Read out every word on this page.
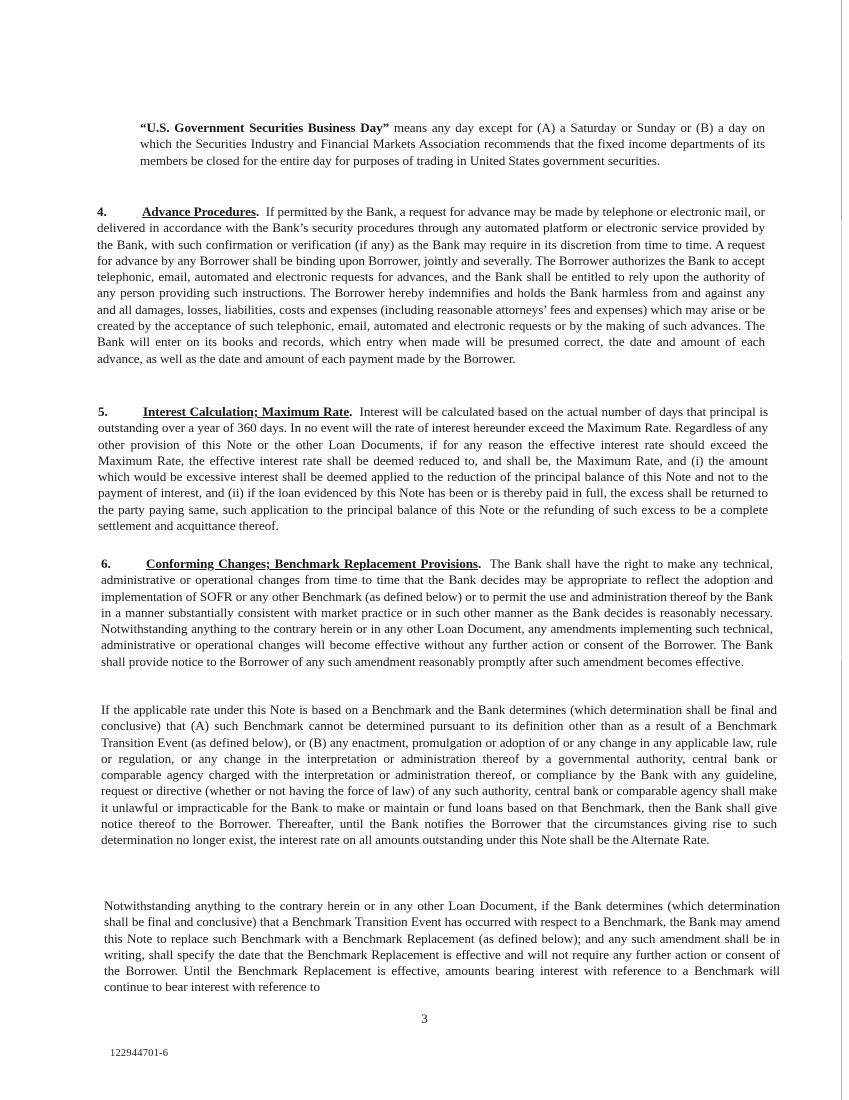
“U.S. Government Securities Business Day” means any day except for (A) a Saturday or Sunday or (B) a day on which the Securities Industry and Financial Markets Association recommends that the fixed income departments of its members be closed for the entire day for purposes of trading in United States government securities.

4.	Advance Procedures. If permitted by the Bank, a request for advance may be made by telephone or electronic mail, or delivered in accordance with the Bank’s security procedures through any automated platform or electronic service provided by the Bank, with such confirmation or verification (if any) as the Bank may require in its discretion from time to time. A request for advance by any Borrower shall be binding upon Borrower, jointly and severally. The Borrower authorizes the Bank to accept telephonic, email, automated and electronic requests for advances, and the Bank shall be entitled to rely upon the authority of any person providing such instructions. The Borrower hereby indemnifies and holds the Bank harmless from and against any and all damages, losses, liabilities, costs and expenses (including reasonable attorneys’ fees and expenses) which may arise or be created by the acceptance of such telephonic, email, automated and electronic requests or by the making of such advances. The Bank will enter on its books and records, which entry when made will be presumed correct, the date and amount of each advance, as well as the date and amount of each payment made by the Borrower.

5.	Interest Calculation; Maximum Rate. Interest will be calculated based on the actual number of days that principal is outstanding over a year of 360 days. In no event will the rate of interest hereunder exceed the Maximum Rate. Regardless of any other provision of this Note or the other Loan Documents, if for any reason the effective interest rate should exceed the Maximum Rate, the effective interest rate shall be deemed reduced to, and shall be, the Maximum Rate, and (i) the amount which would be excessive interest shall be deemed applied to the reduction of the principal balance of this Note and not to the payment of interest, and (ii) if the loan evidenced by this Note has been or is thereby paid in full, the excess shall be returned to the party paying same, such application to the principal balance of this Note or the refunding of such excess to be a complete settlement and acquittance thereof.

6.	Conforming Changes; Benchmark Replacement Provisions. The Bank shall have the right to make any technical, administrative or operational changes from time to time that the Bank decides may be appropriate to reflect the adoption and implementation of SOFR or any other Benchmark (as defined below) or to permit the use and administration thereof by the Bank in a manner substantially consistent with market practice or in such other manner as the Bank decides is reasonably necessary. Notwithstanding anything to the contrary herein or in any other Loan Document, any amendments implementing such technical, administrative or operational changes will become effective without any further action or consent of the Borrower. The Bank shall provide notice to the Borrower of any such amendment reasonably promptly after such amendment becomes effective.

If the applicable rate under this Note is based on a Benchmark and the Bank determines (which determination shall be final and conclusive) that (A) such Benchmark cannot be determined pursuant to its definition other than as a result of a Benchmark Transition Event (as defined below), or (B) any enactment, promulgation or adoption of or any change in any applicable law, rule or regulation, or any change in the interpretation or administration thereof by a governmental authority, central bank or comparable agency charged with the interpretation or administration thereof, or compliance by the Bank with any guideline, request or directive (whether or not having the force of law) of any such authority, central bank or comparable agency shall make it unlawful or impracticable for the Bank to make or maintain or fund loans based on that Benchmark, then the Bank shall give notice thereof to the Borrower. Thereafter, until the Bank notifies the Borrower that the circumstances giving rise to such determination no longer exist, the interest rate on all amounts outstanding under this Note shall be the Alternate Rate.

Notwithstanding anything to the contrary herein or in any other Loan Document, if the Bank determines (which determination shall be final and conclusive) that a Benchmark Transition Event has occurred with respect to a Benchmark, the Bank may amend this Note to replace such Benchmark with a Benchmark Replacement (as defined below); and any such amendment shall be in writing, shall specify the date that the Benchmark Replacement is effective and will not require any further action or consent of the Borrower. Until the Benchmark Replacement is effective, amounts bearing interest with reference to a Benchmark will continue to bear interest with reference to

3
122944701-6
